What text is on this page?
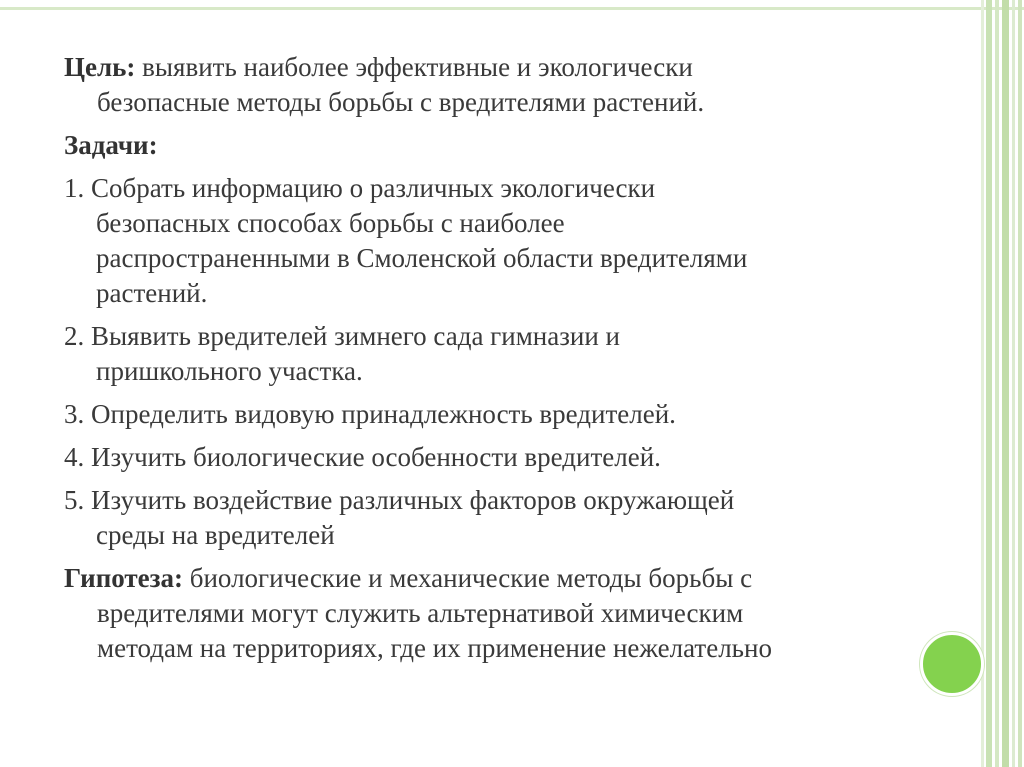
Цель: выявить наиболее эффективные и экологически
безопасные методы борьбы с вредителями растений.

Задачи:

1. Собрать информацию о различных экологически
безопасных способах борьбы с наиболее
распространенными в Смоленской области вредителями
растений.

2. Выявить вредителей зимнего сада гимназии и
пришкольного участка.

3. Определить видовую принадлежность вредителей.

4. Изучить биологические особенности вредителей.

5. Изучить воздействие различных факторов окружающей
среды на вредителей

Гипотеза: биологические и механические методы борьбы с
вредителями могут служить альтернативой химическим
методам на территориях, где их применение нежелательно
